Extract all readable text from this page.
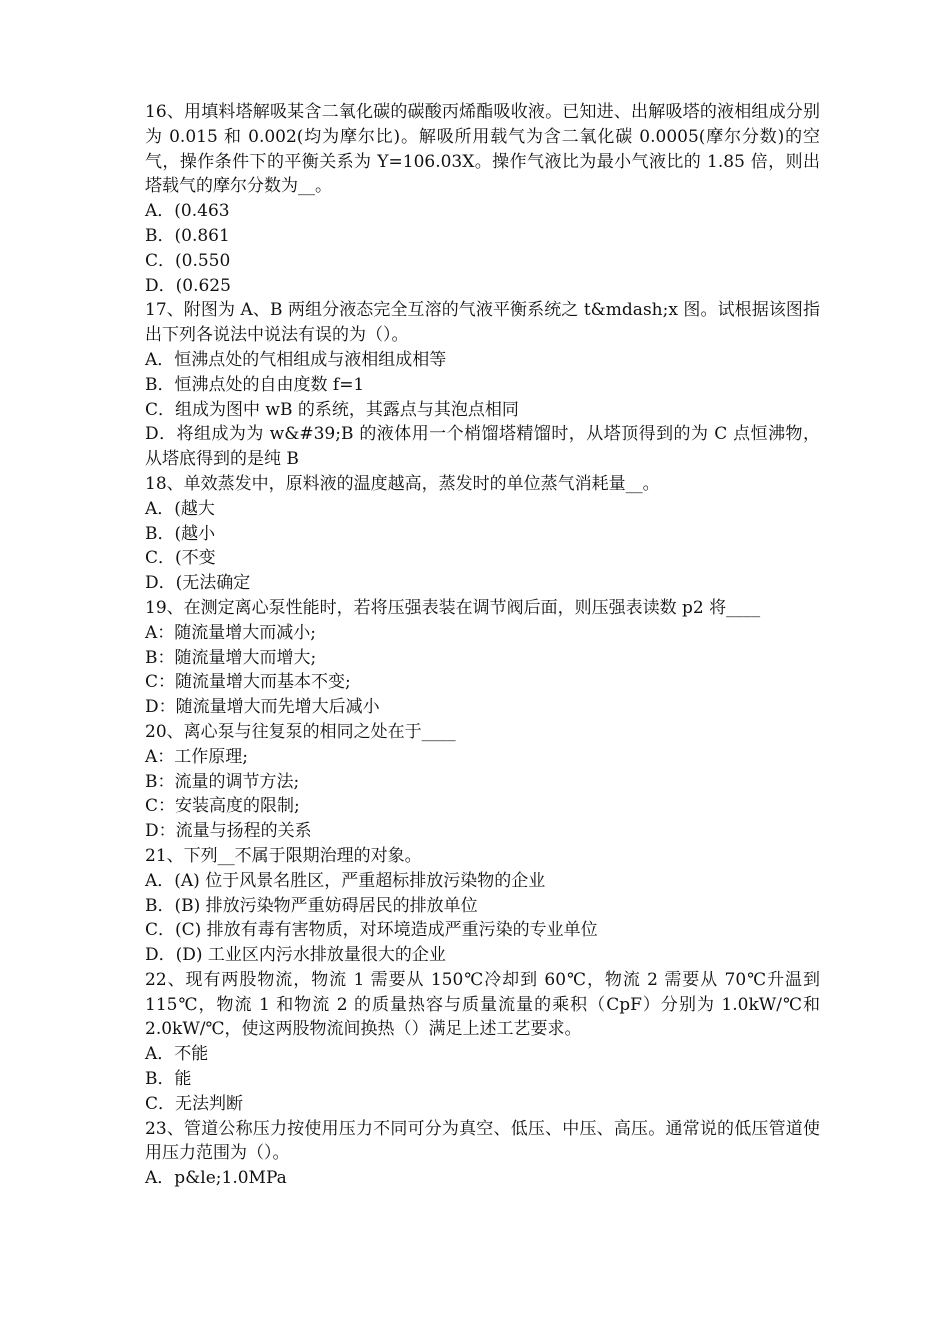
16、用填料塔解吸某含二氧化碳的碳酸丙烯酯吸收液。已知进、出解吸塔的液相组成分别为 0.015 和 0.002(均为摩尔比)。解吸所用载气为含二氧化碳 0.0005(摩尔分数)的空气，操作条件下的平衡关系为 Y=106.03X。操作气液比为最小气液比的 1.85 倍，则出塔载气的摩尔分数为__。
A．(0.463
B．(0.861
C．(0.550
D．(0.625
17、附图为 A、B 两组分液态完全互溶的气液平衡系统之 t&mdash;x 图。试根据该图指出下列各说法中说法有误的为（）。
A．恒沸点处的气相组成与液相组成相等
B．恒沸点处的自由度数 f=1
C．组成为图中 wB 的系统，其露点与其泡点相同
D．将组成为为 w&#39;B 的液体用一个梢馏塔精馏时，从塔顶得到的为 C 点恒沸物，从塔底得到的是纯 B
18、单效蒸发中，原料液的温度越高，蒸发时的单位蒸气消耗量__。
A．(越大
B．(越小
C．(不变
D．(无法确定
19、在测定离心泵性能时，若将压强表装在调节阀后面，则压强表读数 p2 将____
A：随流量增大而减小;
B：随流量增大而增大;
C：随流量增大而基本不变;
D：随流量增大而先增大后减小
20、离心泵与往复泵的相同之处在于____
A：工作原理;
B：流量的调节方法;
C：安装高度的限制;
D：流量与扬程的关系
21、下列__不属于限期治理的对象。
A．(A) 位于风景名胜区，严重超标排放污染物的企业
B．(B) 排放污染物严重妨碍居民的排放单位
C．(C) 排放有毒有害物质，对环境造成严重污染的专业单位
D．(D) 工业区内污水排放量很大的企业
22、现有两股物流，物流 1 需要从 150℃冷却到 60℃，物流 2 需要从 70℃升温到 115℃，物流 1 和物流 2 的质量热容与质量流量的乘积（CpF）分别为 1.0kW/℃和 2.0kW/℃，使这两股物流间换热（）满足上述工艺要求。
A．不能
B．能
C．无法判断
23、管道公称压力按使用压力不同可分为真空、低压、中压、高压。通常说的低压管道使用压力范围为（）。
A．p&le;1.0MPa
